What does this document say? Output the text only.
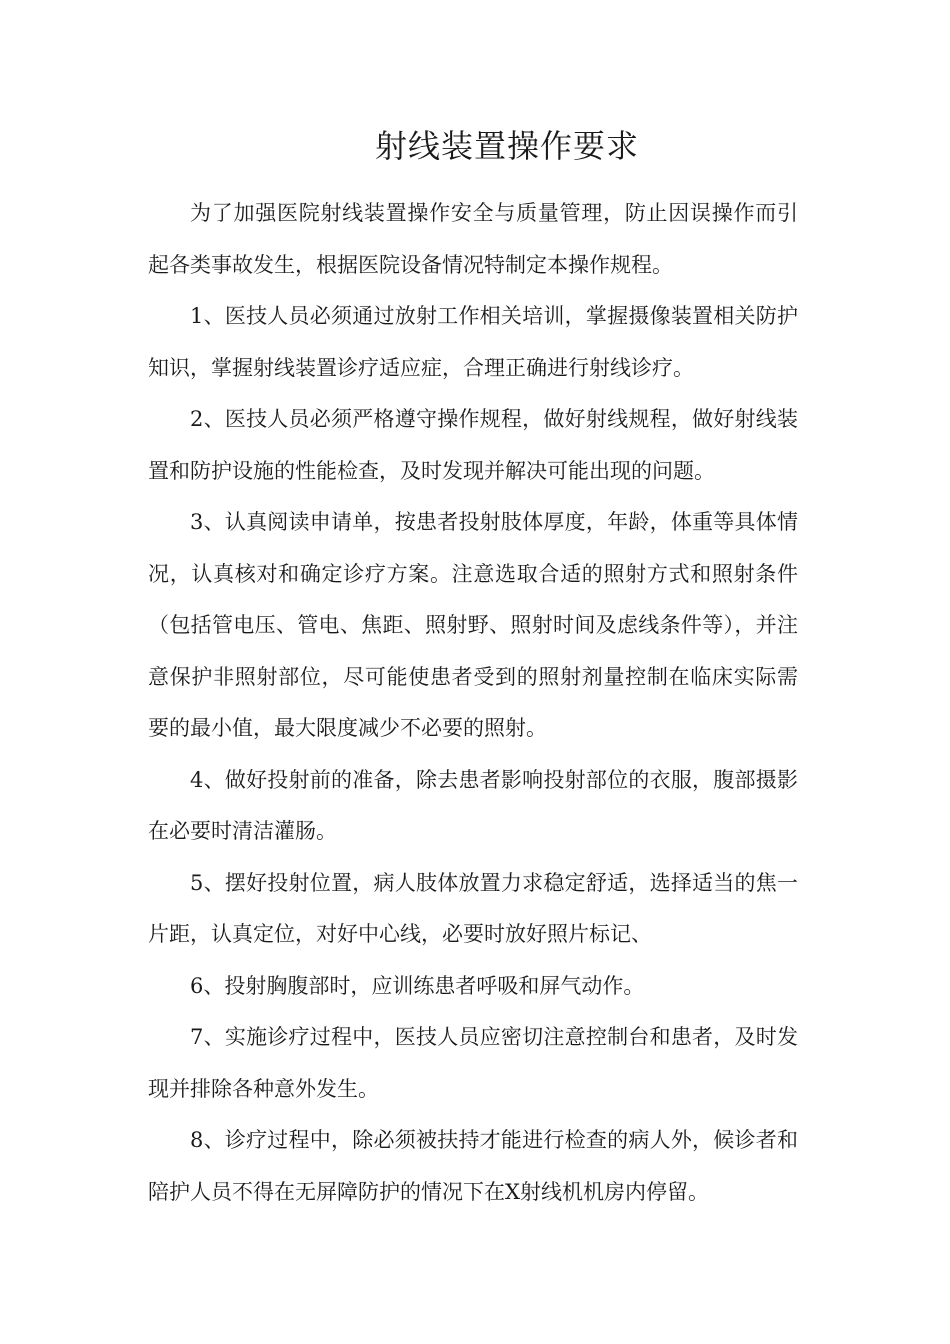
射线装置操作要求

为了加强医院射线装置操作安全与质量管理，防止因误操作而引起各类事故发生，根据医院设备情况特制定本操作规程。

1、医技人员必须通过放射工作相关培训，掌握摄像装置相关防护知识，掌握射线装置诊疗适应症，合理正确进行射线诊疗。

2、医技人员必须严格遵守操作规程，做好射线规程，做好射线装置和防护设施的性能检查，及时发现并解决可能出现的问题。

3、认真阅读申请单，按患者投射肢体厚度，年龄，体重等具体情况，认真核对和确定诊疗方案。注意选取合适的照射方式和照射条件（包括管电压、管电、焦距、照射野、照射时间及虑线条件等），并注意保护非照射部位，尽可能使患者受到的照射剂量控制在临床实际需要的最小值，最大限度减少不必要的照射。

4、做好投射前的准备，除去患者影响投射部位的衣服，腹部摄影在必要时清洁灌肠。

5、摆好投射位置，病人肢体放置力求稳定舒适，选择适当的焦一片距，认真定位，对好中心线，必要时放好照片标记、

6、投射胸腹部时，应训练患者呼吸和屏气动作。

7、实施诊疗过程中，医技人员应密切注意控制台和患者，及时发现并排除各种意外发生。

8、诊疗过程中，除必须被扶持才能进行检查的病人外，候诊者和陪护人员不得在无屏障防护的情况下在X射线机机房内停留。
